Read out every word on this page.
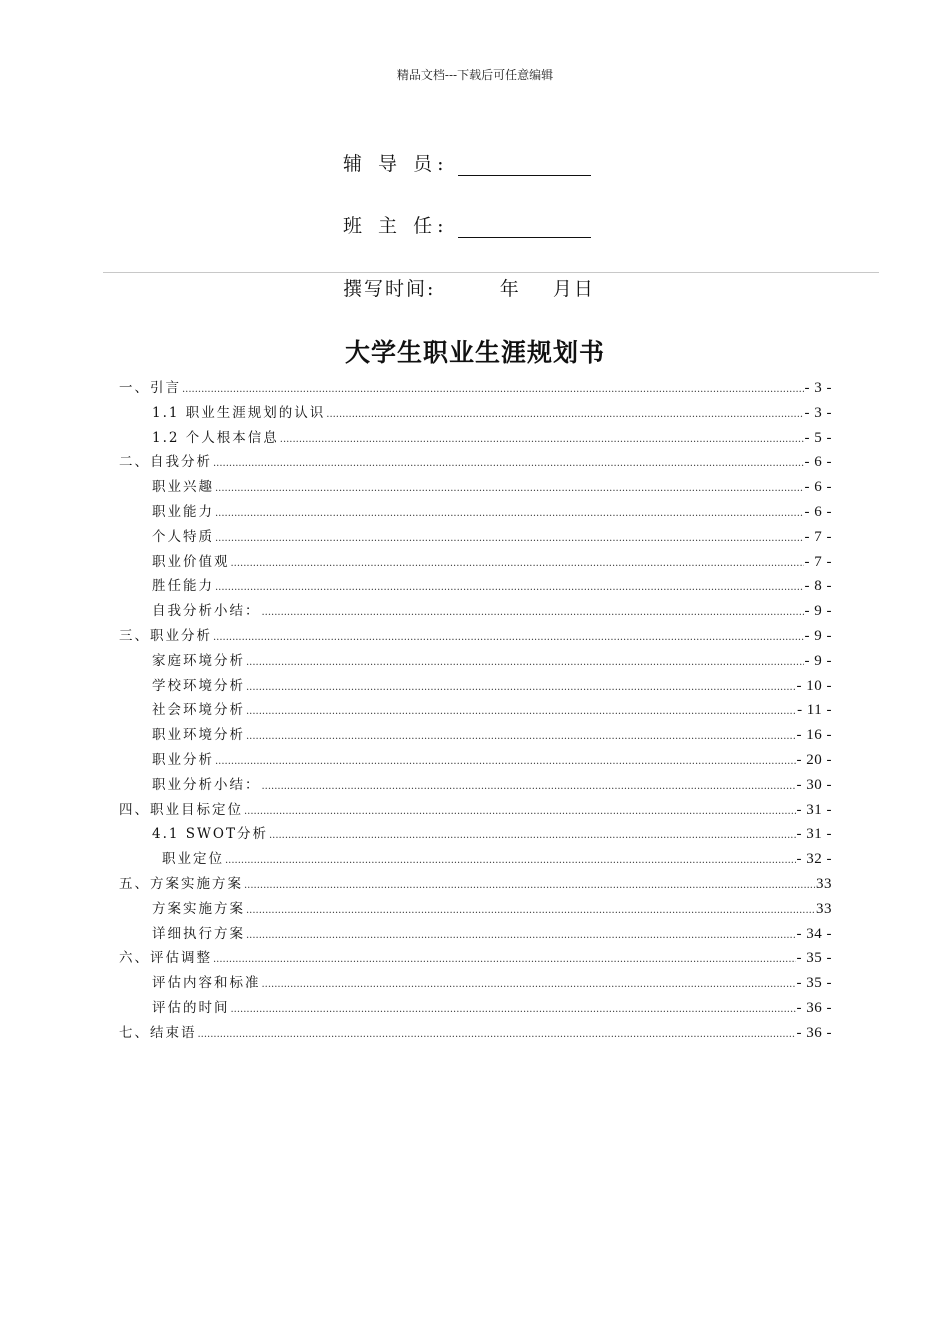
精品文档---下载后可任意编辑
辅 导 员:
班 主 任:
撰写时间:        年    月日
大学生职业生涯规划书
一、引言 .....	- 3 -
1.1 职业生涯规划的认识 .....	- 3 -
1.2 个人根本信息 .....	- 5 -
二、自我分析 .....	- 6 -
职业兴趣 .....	- 6 -
职业能力 .....	- 6 -
个人特质 .....	- 7 -
职业价值观 .....	- 7 -
胜任能力 .....	- 8 -
自我分析小结： .....	- 9 -
三、职业分析 .....	- 9 -
家庭环境分析 .....	- 9 -
学校环境分析 .....	- 10 -
社会环境分析 .....	- 11 -
职业环境分析 .....	- 16 -
职业分析 .....	- 20 -
职业分析小结： .....	- 30 -
四、职业目标定位 .....	- 31 -
4.1 SWOT分析 .....	- 31 -
职业定位 .....	- 32 -
五、方案实施方案 .....	33
方案实施方案 .....	33
详细执行方案 .....	- 34 -
六、评估调整 .....	- 35 -
评估内容和标准 .....	- 35 -
评估的时间 .....	- 36 -
七、结束语 .....	- 36 -
